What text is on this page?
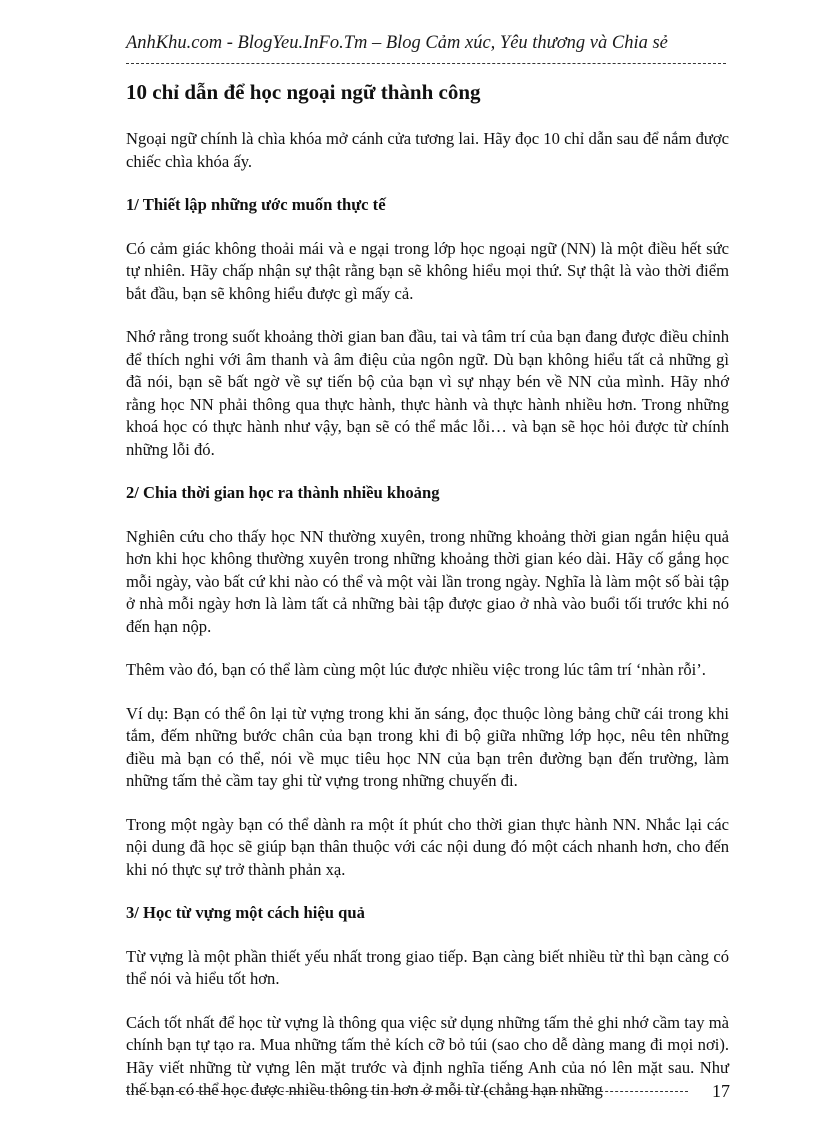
AnhKhu.com - BlogYeu.InFo.Tm – Blog Cảm xúc, Yêu thương và Chia sẻ
10 chỉ dẫn để học ngoại ngữ thành công

Ngoại ngữ chính là chìa khóa mở cánh cửa tương lai. Hãy đọc 10 chỉ dẫn sau để nắm được chiếc chìa khóa ấy.

1/ Thiết lập những ước muốn thực tế

Có cảm giác không thoải mái và e ngại trong lớp học ngoại ngữ (NN) là một điều hết sức tự nhiên. Hãy chấp nhận sự thật rằng bạn sẽ không hiểu mọi thứ. Sự thật là vào thời điểm bắt đầu, bạn sẽ không hiểu được gì mấy cả.

Nhớ rằng trong suốt khoảng thời gian ban đầu, tai và tâm trí của bạn đang được điều chỉnh để thích nghi với âm thanh và âm điệu của ngôn ngữ. Dù bạn không hiểu tất cả những gì đã nói, bạn sẽ bất ngờ về sự tiến bộ của bạn vì sự nhạy bén về NN của mình. Hãy nhớ rằng học NN phải thông qua thực hành, thực hành và thực hành nhiều hơn. Trong những khoá học có thực hành như vậy, bạn sẽ có thể mắc lỗi… và bạn sẽ học hỏi được từ chính những lỗi đó.

2/ Chia thời gian học ra thành nhiều khoảng

Nghiên cứu cho thấy học NN thường xuyên, trong những khoảng thời gian ngắn hiệu quả hơn khi học không thường xuyên trong những khoảng thời gian kéo dài. Hãy cố gắng học mỗi ngày, vào bất cứ khi nào có thể và một vài lần trong ngày. Nghĩa là làm một số bài tập ở nhà mỗi ngày hơn là làm tất cả những bài tập được giao ở nhà vào buổi tối trước khi nó đến hạn nộp.

Thêm vào đó, bạn có thể làm cùng một lúc được nhiều việc trong lúc tâm trí ‘nhàn rỗi’.

Ví dụ: Bạn có thể ôn lại từ vựng trong khi ăn sáng, đọc thuộc lòng bảng chữ cái trong khi tắm, đếm những bước chân của bạn trong khi đi bộ giữa những lớp học, nêu tên những điều mà bạn có thể, nói về mục tiêu học NN của bạn trên đường bạn đến trường, làm những tấm thẻ cầm tay ghi từ vựng trong những chuyến đi.

Trong một ngày bạn có thể dành ra một ít phút cho thời gian thực hành NN. Nhắc lại các nội dung đã học sẽ giúp bạn thân thuộc với các nội dung đó một cách nhanh hơn, cho đến khi nó thực sự trở thành phản xạ.

3/ Học từ vựng một cách hiệu quả

Từ vựng là một phần thiết yếu nhất trong giao tiếp. Bạn càng biết nhiều từ thì bạn càng có thể nói và hiểu tốt hơn.

Cách tốt nhất để học từ vựng là thông qua việc sử dụng những tấm thẻ ghi nhớ cầm tay mà chính bạn tự tạo ra. Mua những tấm thẻ kích cỡ bỏ túi (sao cho dễ dàng mang đi mọi nơi). Hãy viết những từ vựng lên mặt trước và định nghĩa tiếng Anh của nó lên mặt sau. Như thế bạn có thể học được nhiều thông tin hơn ở mỗi từ (chẳng hạn những	17
